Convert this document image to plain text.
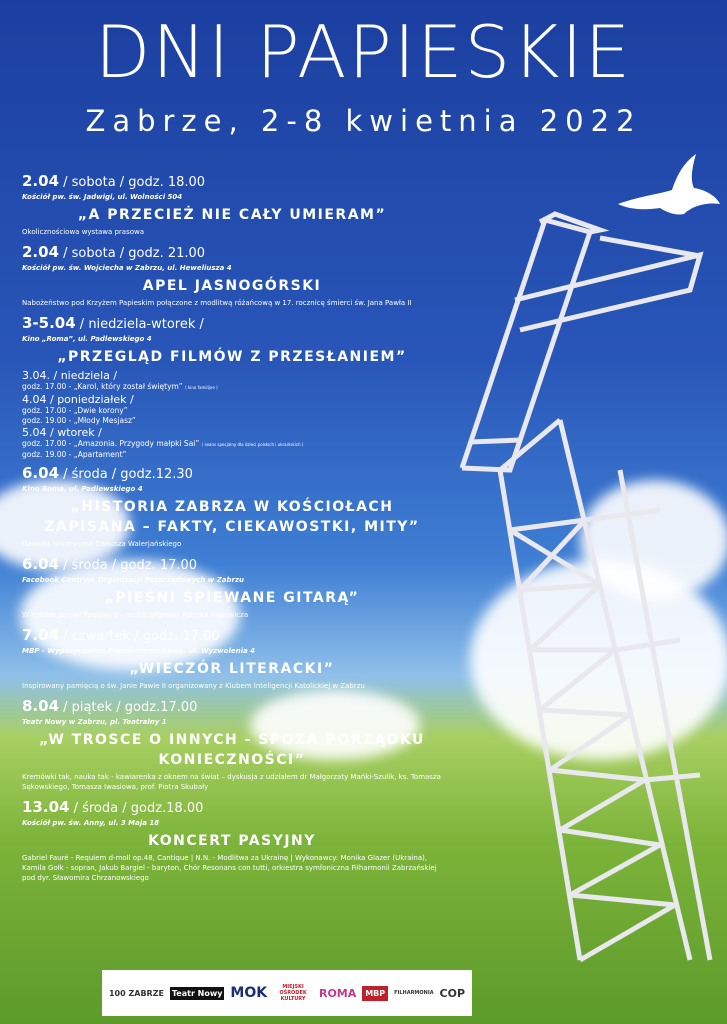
DNI PAPIESKIE
Zabrze, 2-8 kwietnia 2022
2.04 / sobota / godz. 18.00
Kościół pw. św. Jadwigi, ul. Wolności 504
„A PRZECIEŻ NIE CAŁY UMIERAM”
Okolicznościowa wystawa prasowa
2.04 / sobota / godz. 21.00
Kościół pw. św. Wojciecha w Zabrzu, ul. Heweliusza 4
APEL JASNOGÓRSKI
Nabożeństwo pod Krzyżem Papieskim połączone z modlitwą różańcową w 17. rocznicę śmierci św. Jana Pawła II
3-5.04 / niedziela-wtorek /
Kino „Roma”, ul. Padlewskiego 4
„PRZEGLĄD FILMÓW Z PRZESŁANIEM”
3.04. / niedziela /
godz. 17.00 - „Karol, który został świętym” ( kino familijne )
4.04 / poniedziałek /
godz. 17.00 - „Dwie korony”
godz. 19.00 - „Młody Mesjasz”
5.04 / wtorek /
godz. 17.00 - „Amazonia. Przygody małpki Sai” ( seans specjalny dla dzieci polskich i ukraińskich )
godz. 19.00 - „Apartament”
6.04 / środa / godz.12.30
Kino Roma, ul. Padlewskiego 4
„HISTORIA ZABRZA W KOŚCIOŁACH ZAPISANA – FAKTY, CIEKAWOSTKI, MITY”
Gawęda historyczna Dariusza Walerjańskiego
6.04 / środa / godz. 17.00
Facebook Centrum Organizacji Pozarządowych w Zabrzu
„PIEŚNI ŚPIEWANE GITARĄ”
W hołdzie Janowi Pawłowi II – recital gitarowy Patryka Filipowicza
7.04 / czwartek / godz. 17.00
MBP - Wypożyczalnia Popularnonaukowa, ul. Wyzwolenia 4
„WIECZÓR LITERACKI”
Inspirowany pamięcią o św. Janie Pawle II organizowany z Klubem Inteligencji Katolickiej w Zabrzu
8.04 / piątek / godz.17.00
Teatr Nowy w Zabrzu, pl. Teatralny 1
„W TROSCE O INNYCH - SPOZA PORZĄDKU KONIECZNOŚCI”
Kremówki tak, nauka tak - kawiarenka z oknem na świat – dyskusja z udziałem dr Małgorzaty Mańki-Szulik, ks. Tomasza Sękowskiego, Tomasza Iwasiowa, prof. Piotra Skubały
13.04 / środa / godz.18.00
Kościół pw. św. Anny, ul. 3 Maja 18
KONCERT PASYJNY
Gabriel Fauré - Requiem d-moll op.48, Cantique | N.N. - Modlitwa za Ukrainę | Wykonawcy: Monika Glazer (Ukraina), Kamila Gołk - sopran, Jakub Bargiel - baryton, Chór Resonans con tutti, orkiestra symfoniczna Filharmonii Zabrzańskiej pod dyr. Sławomira Chrzanowskiego
100 ZABRZE Teatr Nowy MOK	MIEJSKI OŚRODEK KULTURY	ROMA	MBP	FILHARMONIA COP
